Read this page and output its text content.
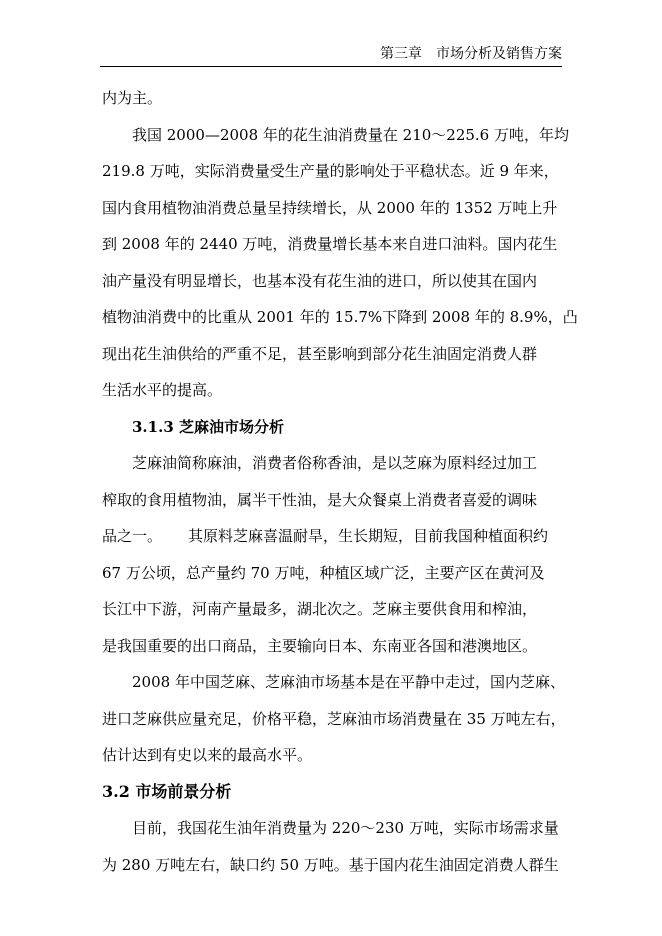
第三章　市场分析及销售方案
内为主。
我国 2000—2008 年的花生油消费量在 210～225.6 万吨，年均
219.8 万吨，实际消费量受生产量的影响处于平稳状态。近 9 年来，
国内食用植物油消费总量呈持续增长，从 2000 年的 1352 万吨上升
到 2008 年的 2440 万吨，消费量增长基本来自进口油料。国内花生
油产量没有明显增长，也基本没有花生油的进口，所以使其在国内
植物油消费中的比重从 2001 年的 15.7%下降到 2008 年的 8.9%，凸
现出花生油供给的严重不足，甚至影响到部分花生油固定消费人群
生活水平的提高。
3.1.3 芝麻油市场分析
芝麻油简称麻油，消费者俗称香油，是以芝麻为原料经过加工
榨取的食用植物油，属半干性油，是大众餐桌上消费者喜爱的调味
品之一。 其原料芝麻喜温耐旱，生长期短，目前我国种植面积约
67 万公顷，总产量约 70 万吨，种植区域广泛，主要产区在黄河及
长江中下游，河南产量最多，湖北次之。芝麻主要供食用和榨油，
是我国重要的出口商品，主要输向日本、东南亚各国和港澳地区。
2008 年中国芝麻、芝麻油市场基本是在平静中走过，国内芝麻、
进口芝麻供应量充足，价格平稳，芝麻油市场消费量在 35 万吨左右，
估计达到有史以来的最高水平。
3.2 市场前景分析
目前，我国花生油年消费量为 220～230 万吨，实际市场需求量
为 280 万吨左右，缺口约 50 万吨。基于国内花生油固定消费人群生
